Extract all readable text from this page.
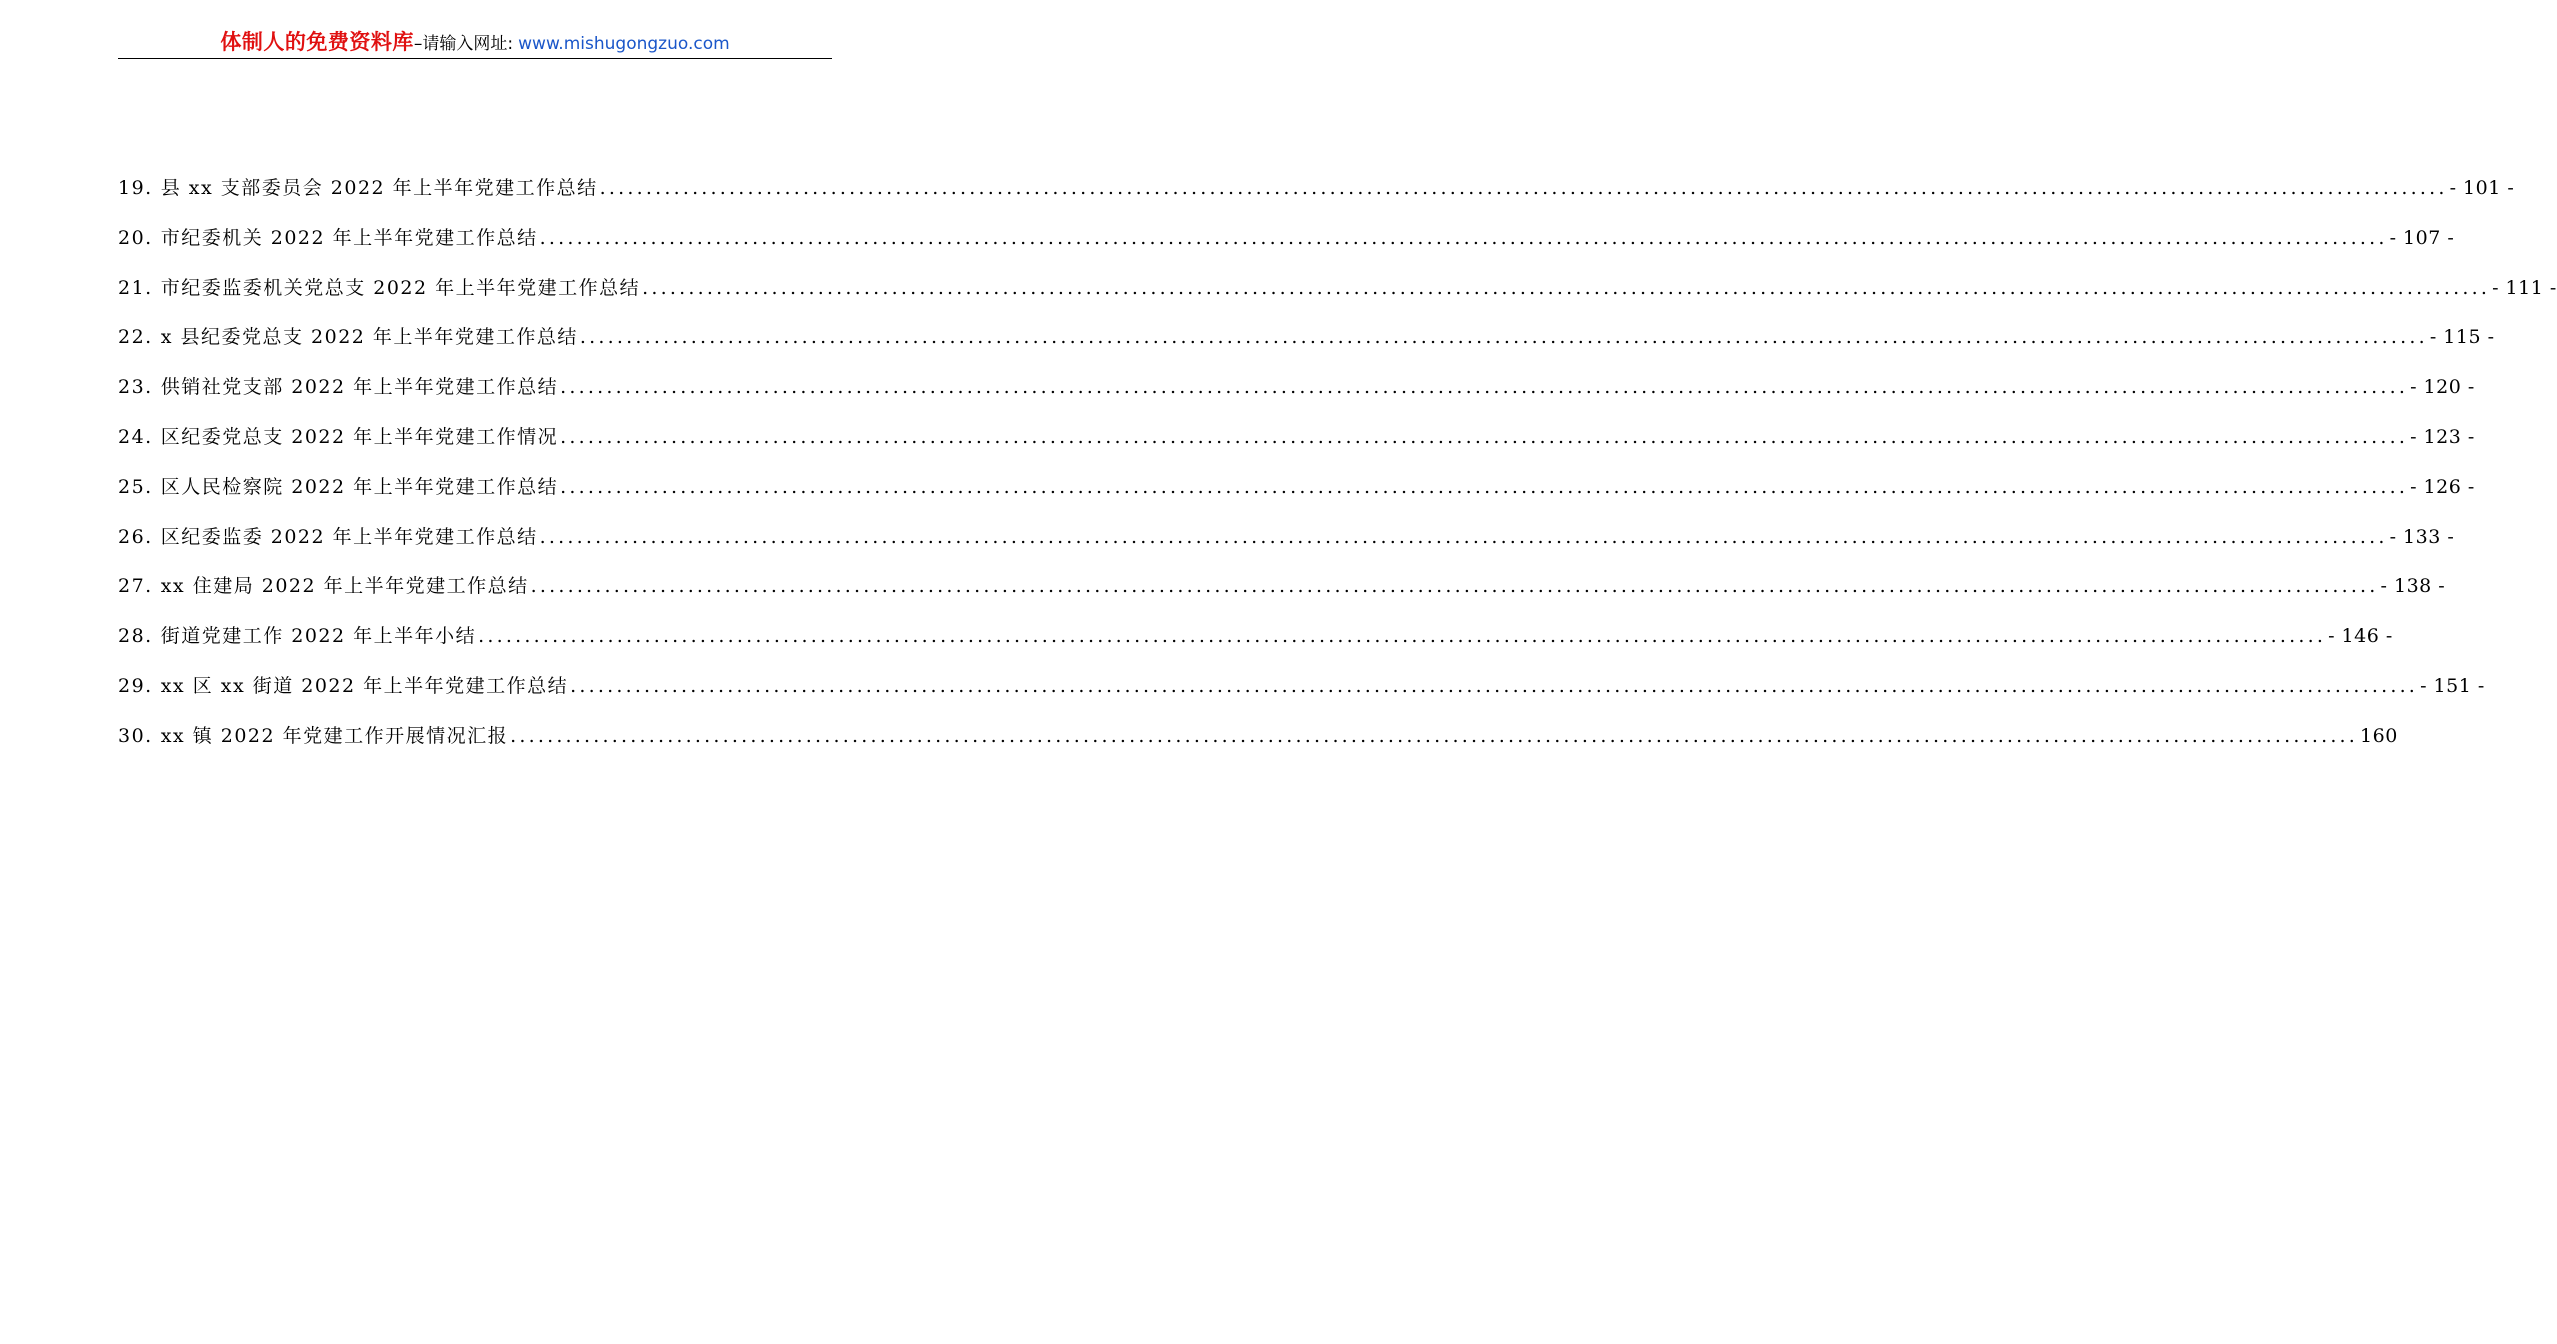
体制人的免费资料库–请输入网址: www.mishugongzuo.com
19. 县 xx 支部委员会 2022 年上半年党建工作总结 ........................................................................................................................................................................................................ - 101 -
20. 市纪委机关 2022 年上半年党建工作总结 ........................................................................................................................................................................................................ - 107 -
21. 市纪委监委机关党总支 2022 年上半年党建工作总结 ........................................................................................................................................................................................................ - 111 -
22. x 县纪委党总支 2022 年上半年党建工作总结 ........................................................................................................................................................................................................ - 115 -
23. 供销社党支部 2022 年上半年党建工作总结 ........................................................................................................................................................................................................ - 120 -
24. 区纪委党总支 2022 年上半年党建工作情况 ........................................................................................................................................................................................................ - 123 -
25. 区人民检察院 2022 年上半年党建工作总结 ........................................................................................................................................................................................................ - 126 -
26. 区纪委监委 2022 年上半年党建工作总结 ........................................................................................................................................................................................................ - 133 -
27. xx 住建局 2022 年上半年党建工作总结 ........................................................................................................................................................................................................ - 138 -
28. 街道党建工作 2022 年上半年小结 ........................................................................................................................................................................................................ - 146 -
29. xx 区 xx 街道 2022 年上半年党建工作总结 ........................................................................................................................................................................................................ - 151 -
30. xx 镇 2022 年党建工作开展情况汇报 ........................................................................................................................................................................................................ 160
